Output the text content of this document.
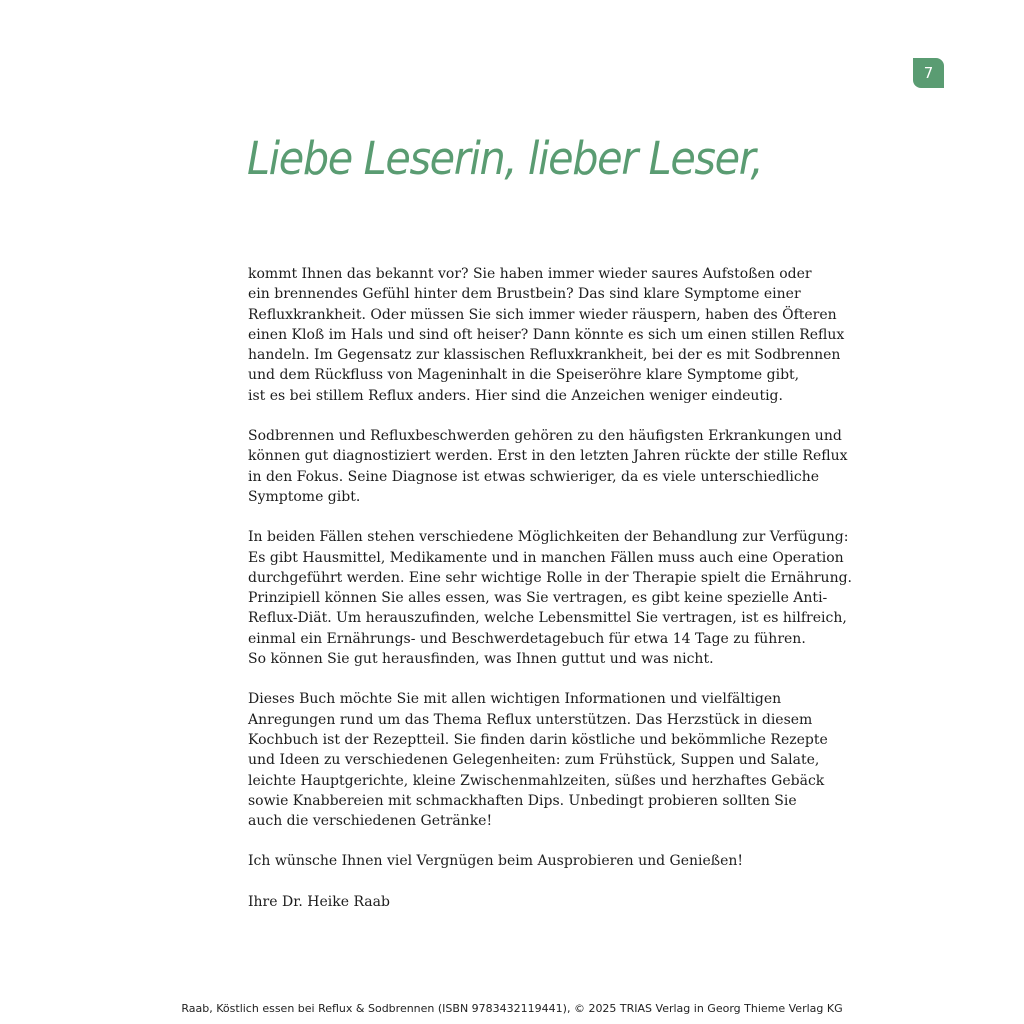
7
Liebe Leserin, lieber Leser,

kommt Ihnen das bekannt vor? Sie haben immer wieder saures Aufstoßen oder
ein brennendes Gefühl hinter dem Brustbein? Das sind klare Symptome einer
Refluxkrankheit. Oder müssen Sie sich immer wieder räuspern, haben des Öfteren
einen Kloß im Hals und sind oft heiser? Dann könnte es sich um einen stillen Reflux
handeln. Im Gegensatz zur klassischen Refluxkrankheit, bei der es mit Sodbrennen
und dem Rückfluss von Mageninhalt in die Speiseröhre klare Symptome gibt,
ist es bei stillem Reflux anders. Hier sind die Anzeichen weniger eindeutig.

Sodbrennen und Refluxbeschwerden gehören zu den häufigsten Erkrankungen und
können gut diagnostiziert werden. Erst in den letzten Jahren rückte der stille Reflux
in den Fokus. Seine Diagnose ist etwas schwieriger, da es viele unterschiedliche
Symptome gibt.

In beiden Fällen stehen verschiedene Möglichkeiten der Behandlung zur Verfügung:
Es gibt Hausmittel, Medikamente und in manchen Fällen muss auch eine Operation
durchgeführt werden. Eine sehr wichtige Rolle in der Therapie spielt die Ernährung.
Prinzipiell können Sie alles essen, was Sie vertragen, es gibt keine spezielle Anti-
Reflux-Diät. Um herauszufinden, welche Lebensmittel Sie vertragen, ist es hilfreich,
einmal ein Ernährungs- und Beschwerdetagebuch für etwa 14 Tage zu führen.
So können Sie gut herausfinden, was Ihnen guttut und was nicht.

Dieses Buch möchte Sie mit allen wichtigen Informationen und vielfältigen
Anregungen rund um das Thema Reflux unterstützen. Das Herzstück in diesem
Kochbuch ist der Rezeptteil. Sie finden darin köstliche und bekömmliche Rezepte
und Ideen zu verschiedenen Gelegenheiten: zum Frühstück, Suppen und Salate,
leichte Hauptgerichte, kleine Zwischenmahlzeiten, süßes und herzhaftes Gebäck
sowie Knabbereien mit schmackhaften Dips. Unbedingt probieren sollten Sie
auch die verschiedenen Getränke!

Ich wünsche Ihnen viel Vergnügen beim Ausprobieren und Genießen!

Ihre Dr. Heike Raab

Raab, Köstlich essen bei Reflux & Sodbrennen (ISBN 9783432119441), © 2025 TRIAS Verlag in Georg Thieme Verlag KG
